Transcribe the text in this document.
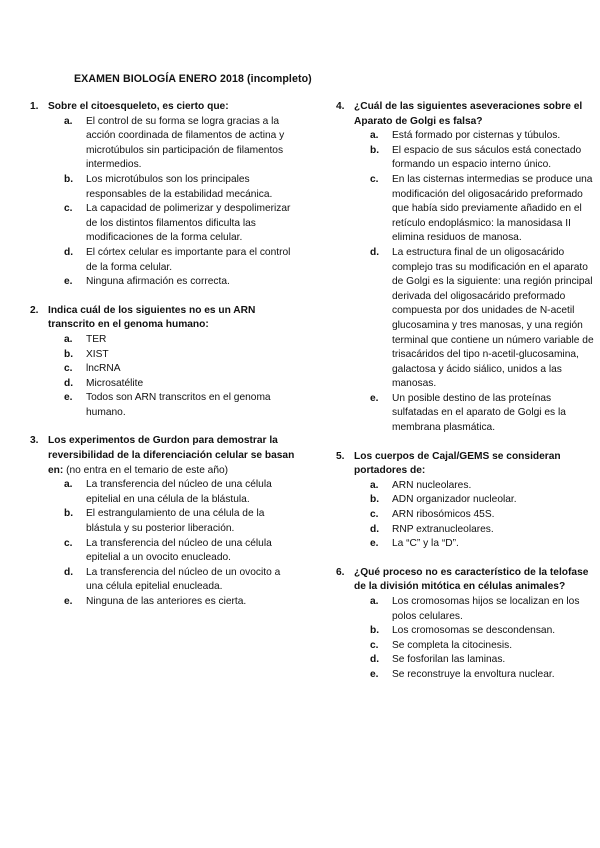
EXAMEN BIOLOGÍA ENERO 2018 (incompleto)
1. Sobre el citoesqueleto, es cierto que:
a. El control de su forma se logra gracias a la acción coordinada de filamentos de actina y microtúbulos sin participación de filamentos intermedios.
b. Los microtúbulos son los principales responsables de la estabilidad mecánica.
c. La capacidad de polimerizar y despolimerizar de los distintos filamentos dificulta las modificaciones de la forma celular.
d. El córtex celular es importante para el control de la forma celular.
e. Ninguna afirmación es correcta.
2. Indica cuál de los siguientes no es un ARN transcrito en el genoma humano:
a. TER
b. XIST
c. lncRNA
d. Microsatélite
e. Todos son ARN transcritos en el genoma humano.
3. Los experimentos de Gurdon para demostrar la reversibilidad de la diferenciación celular se basan en: (no entra en el temario de este año)
a. La transferencia del núcleo de una célula epitelial en una célula de la blástula.
b. El estrangulamiento de una célula de la blástula y su posterior liberación.
c. La transferencia del núcleo de una célula epitelial a un ovocito enucleado.
d. La transferencia del núcleo de un ovocito a una célula epitelial enucleada.
e. Ninguna de las anteriores es cierta.
4. ¿Cuál de las siguientes aseveraciones sobre el Aparato de Golgi es falsa?
a. Está formado por cisternas y túbulos.
b. El espacio de sus sáculos está conectado formando un espacio interno único.
c. En las cisternas intermedias se produce una modificación del oligosacárido preformado que había sido previamente añadido en el retículo endoplásmico: la manosidasa II elimina residuos de manosa.
d. La estructura final de un oligosacárido complejo tras su modificación en el aparato de Golgi es la siguiente: una región principal derivada del oligosacárido preformado compuesta por dos unidades de N-acetil glucosamina y tres manosas, y una región terminal que contiene un número variable de trisacáridos del tipo n-acetil-glucosamina, galactosa y ácido siálico, unidos a las manosas.
e. Un posible destino de las proteínas sulfatadas en el aparato de Golgi es la membrana plasmática.
5. Los cuerpos de Cajal/GEMS se consideran portadores de:
a. ARN nucleolares.
b. ADN organizador nucleolar.
c. ARN ribosómicos 45S.
d. RNP extranucleolares.
e. La “C” y la “D”.
6. ¿Qué proceso no es característico de la telofase de la división mitótica en células animales?
a. Los cromosomas hijos se localizan en los polos celulares.
b. Los cromosomas se descondensan.
c. Se completa la citocinesis.
d. Se fosforilan las laminas.
e. Se reconstruye la envoltura nuclear.
